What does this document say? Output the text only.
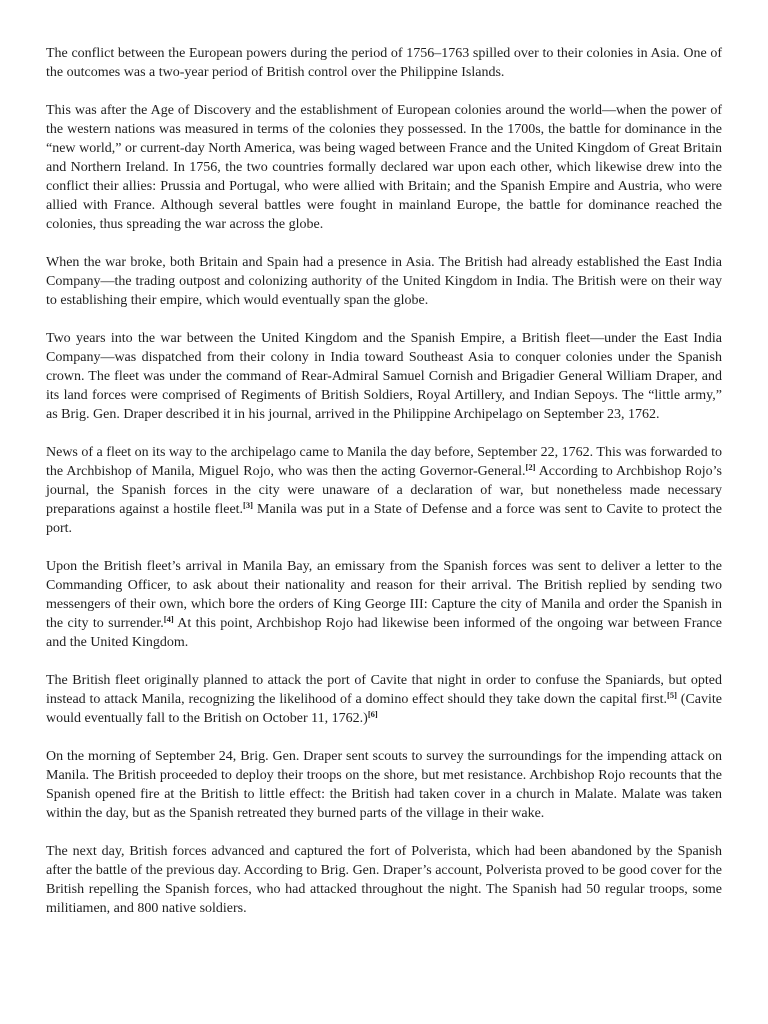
The conflict between the European powers during the period of 1756–1763 spilled over to their colonies in Asia. One of the outcomes was a two-year period of British control over the Philippine Islands.

This was after the Age of Discovery and the establishment of European colonies around the world—when the power of the western nations was measured in terms of the colonies they possessed. In the 1700s, the battle for dominance in the “new world,” or current-day North America, was being waged between France and the United Kingdom of Great Britain and Northern Ireland. In 1756, the two countries formally declared war upon each other, which likewise drew into the conflict their allies: Prussia and Portugal, who were allied with Britain; and the Spanish Empire and Austria, who were allied with France. Although several battles were fought in mainland Europe, the battle for dominance reached the colonies, thus spreading the war across the globe.

When the war broke, both Britain and Spain had a presence in Asia. The British had already established the East India Company—the trading outpost and colonizing authority of the United Kingdom in India. The British were on their way to establishing their empire, which would eventually span the globe.

Two years into the war between the United Kingdom and the Spanish Empire, a British fleet—under the East India Company—was dispatched from their colony in India toward Southeast Asia to conquer colonies under the Spanish crown. The fleet was under the command of Rear-Admiral Samuel Cornish and Brigadier General William Draper, and its land forces were comprised of Regiments of British Soldiers, Royal Artillery, and Indian Sepoys. The “little army,” as Brig. Gen. Draper described it in his journal, arrived in the Philippine Archipelago on September 23, 1762.

News of a fleet on its way to the archipelago came to Manila the day before, September 22, 1762. This was forwarded to the Archbishop of Manila, Miguel Rojo, who was then the acting Governor-General.[2] According to Archbishop Rojo’s journal, the Spanish forces in the city were unaware of a declaration of war, but nonetheless made necessary preparations against a hostile fleet.[3] Manila was put in a State of Defense and a force was sent to Cavite to protect the port.

Upon the British fleet’s arrival in Manila Bay, an emissary from the Spanish forces was sent to deliver a letter to the Commanding Officer, to ask about their nationality and reason for their arrival. The British replied by sending two messengers of their own, which bore the orders of King George III: Capture the city of Manila and order the Spanish in the city to surrender.[4] At this point, Archbishop Rojo had likewise been informed of the ongoing war between France and the United Kingdom.

The British fleet originally planned to attack the port of Cavite that night in order to confuse the Spaniards, but opted instead to attack Manila, recognizing the likelihood of a domino effect should they take down the capital first.[5] (Cavite would eventually fall to the British on October 11, 1762.)[6]

On the morning of September 24, Brig. Gen. Draper sent scouts to survey the surroundings for the impending attack on Manila. The British proceeded to deploy their troops on the shore, but met resistance. Archbishop Rojo recounts that the Spanish opened fire at the British to little effect: the British had taken cover in a church in Malate. Malate was taken within the day, but as the Spanish retreated they burned parts of the village in their wake.

The next day, British forces advanced and captured the fort of Polverista, which had been abandoned by the Spanish after the battle of the previous day. According to Brig. Gen. Draper’s account, Polverista proved to be good cover for the British repelling the Spanish forces, who had attacked throughout the night. The Spanish had 50 regular troops, some militiamen, and 800 native soldiers.
